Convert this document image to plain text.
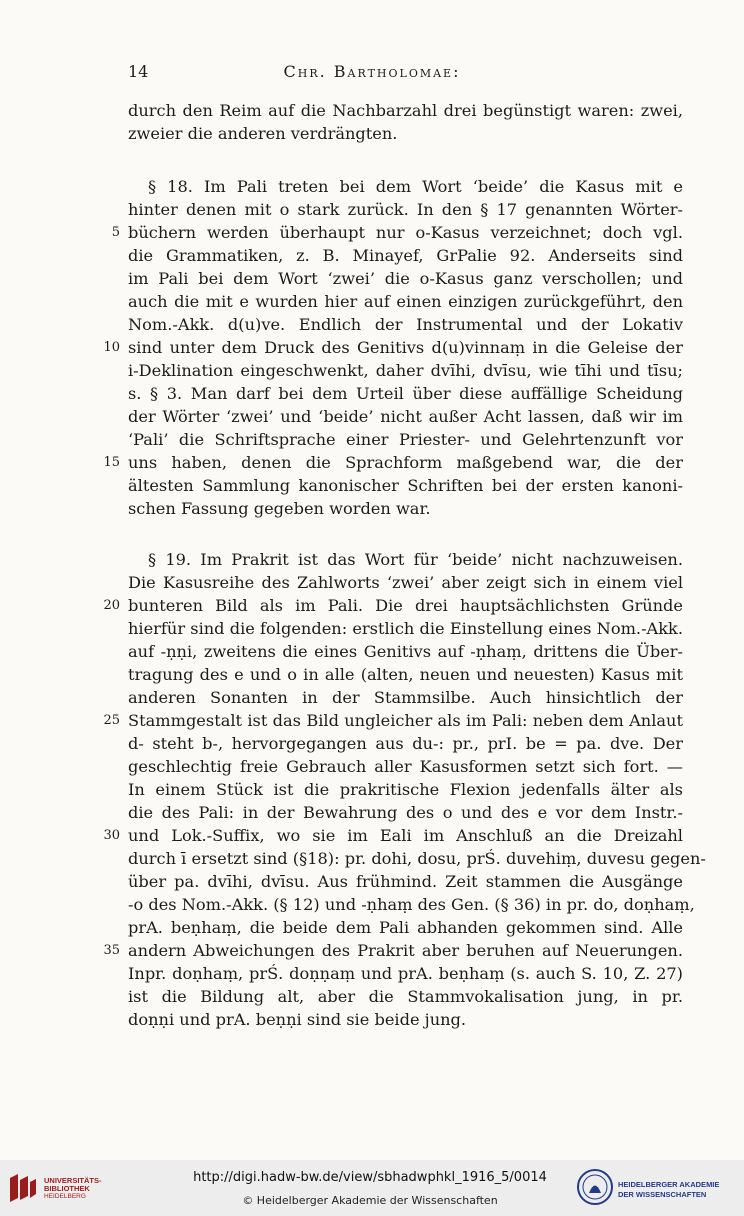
14	Chr. Bartholomae:
durch den Reim auf die Nachbarzahl drei begünstigt waren: zwei,
zweier die anderen verdrängten.
§ 18. Im Pali treten bei dem Wort ‘beide’ die Kasus mit e
hinter denen mit o stark zurück. In den § 17 genannten Wörter-
büchern werden überhaupt nur o-Kasus verzeichnet; doch vgl.
die Grammatiken, z. B. Minayef, GrPalie 92. Anderseits sind
im Pali bei dem Wort ‘zwei’ die o-Kasus ganz verschollen; und
auch die mit e wurden hier auf einen einzigen zurückgeführt, den
Nom.-Akk. d(u)ve. Endlich der Instrumental und der Lokativ
sind unter dem Druck des Genitivs d(u)vinnaṃ in die Geleise der
i-Deklination eingeschwenkt, daher dvīhi, dvīsu, wie tīhi und tīsu;
s. § 3. Man darf bei dem Urteil über diese auffällige Scheidung
der Wörter ‘zwei’ und ‘beide’ nicht außer Acht lassen, daß wir im
‘Pali’ die Schriftsprache einer Priester- und Gelehrtenzunft vor
uns haben, denen die Sprachform maßgebend war, die der
ältesten Sammlung kanonischer Schriften bei der ersten kanoni-
schen Fassung gegeben worden war.
§ 19. Im Prakrit ist das Wort für ‘beide’ nicht nachzuweisen.
Die Kasusreihe des Zahlworts ‘zwei’ aber zeigt sich in einem viel
bunteren Bild als im Pali. Die drei hauptsächlichsten Gründe
hierfür sind die folgenden: erstlich die Einstellung eines Nom.-Akk.
auf -ṇṇi, zweitens die eines Genitivs auf -ṇhaṃ, drittens die Über-
tragung des e und o in alle (alten, neuen und neuesten) Kasus mit
anderen Sonanten in der Stammsilbe. Auch hinsichtlich der
Stammgestalt ist das Bild ungleicher als im Pali: neben dem Anlaut
d- steht b-, hervorgegangen aus du-: pr., prI. be = pa. dve. Der
geschlechtig freie Gebrauch aller Kasusformen setzt sich fort. —
In einem Stück ist die prakritische Flexion jedenfalls älter als
die des Pali: in der Bewahrung des o und des e vor dem Instr.-
und Lok.-Suffix, wo sie im Eali im Anschluß an die Dreizahl
durch ī ersetzt sind (§18): pr. dohi, dosu, prŚ. duvehiṃ, duvesu gegen-
über pa. dvīhi, dvīsu. Aus frühmind. Zeit stammen die Ausgänge
-o des Nom.-Akk. (§ 12) und -ṇhaṃ des Gen. (§ 36) in pr. do, doṇhaṃ,
prA. beṇhaṃ, die beide dem Pali abhanden gekommen sind. Alle
andern Abweichungen des Prakrit aber beruhen auf Neuerungen.
Inpr. doṇhaṃ, prŚ. doṇṇaṃ und prA. beṇhaṃ (s. auch S. 10, Z. 27)
ist die Bildung alt, aber die Stammvokalisation jung, in pr.
doṇṇi und prA. beṇṇi sind sie beide jung.
5
10
15
20
25
30
35
UNIVERSITÄTS-BIBLIOTHEK
HEIDELBERG
http://digi.hadw-bw.de/view/sbhadwphkl_1916_5/0014
© Heidelberger Akademie der Wissenschaften
HEIDELBERGER AKADEMIE
DER WISSENSCHAFTEN
